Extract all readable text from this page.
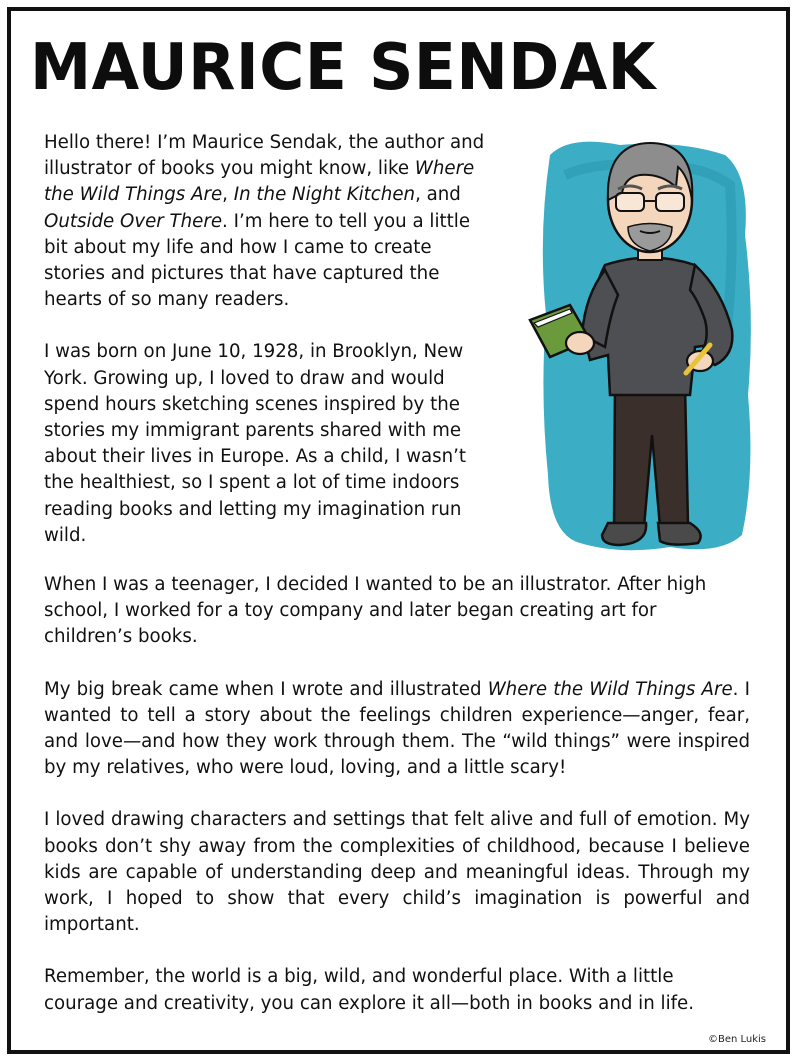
MAURICE SENDAK

Hello there! I’m Maurice Sendak, the author and illustrator of books you might know, like Where the Wild Things Are, In the Night Kitchen, and Outside Over There. I’m here to tell you a little bit about my life and how I came to create stories and pictures that have captured the hearts of so many readers.

I was born on June 10, 1928, in Brooklyn, New York. Growing up, I loved to draw and would spend hours sketching scenes inspired by the stories my immigrant parents shared with me about their lives in Europe. As a child, I wasn’t the healthiest, so I spent a lot of time indoors reading books and letting my imagination run wild.

When I was a teenager, I decided I wanted to be an illustrator. After high school, I worked for a toy company and later began creating art for children’s books.

My big break came when I wrote and illustrated Where the Wild Things Are. I wanted to tell a story about the feelings children experience—anger, fear, and love—and how they work through them. The “wild things” were inspired by my relatives, who were loud, loving, and a little scary!

I loved drawing characters and settings that felt alive and full of emotion. My books don’t shy away from the complexities of childhood, because I believe kids are capable of understanding deep and meaningful ideas. Through my work, I hoped to show that every child’s imagination is powerful and important.

Remember, the world is a big, wild, and wonderful place. With a little courage and creativity, you can explore it all—both in books and in life.

©Ben Lukis
